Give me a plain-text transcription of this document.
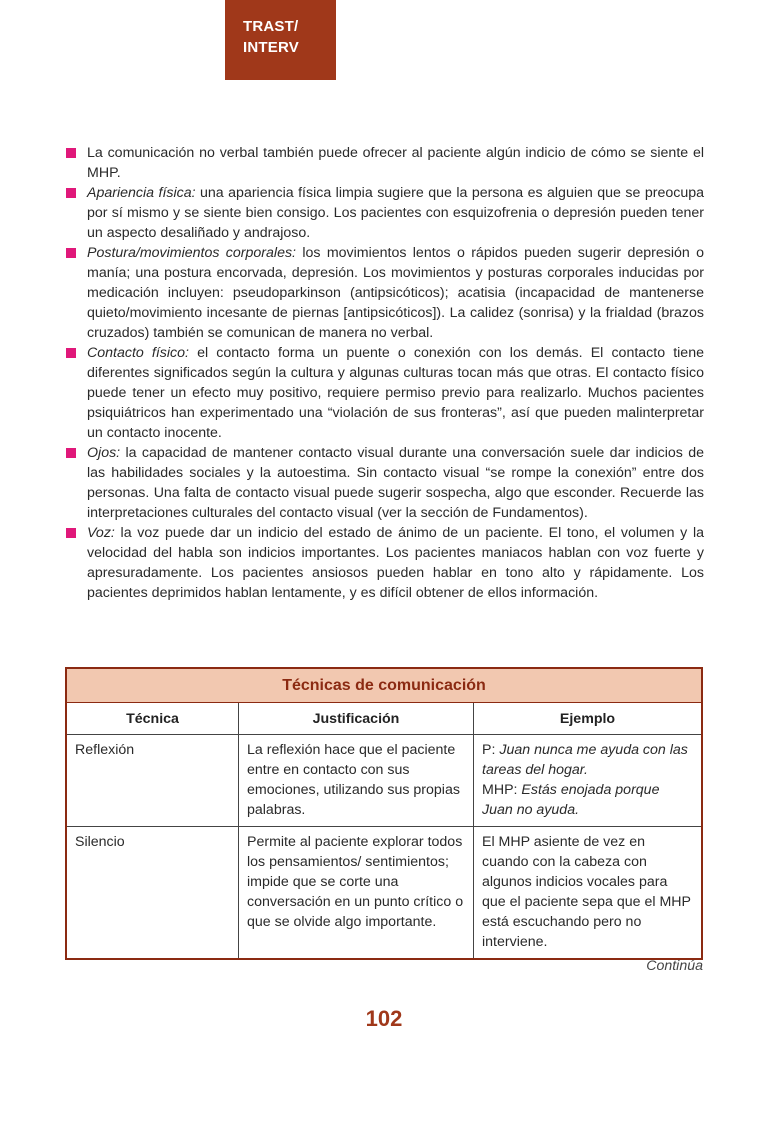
TRAST/
INTERV
La comunicación no verbal también puede ofrecer al paciente algún indicio de cómo se siente el MHP.
Apariencia física: una apariencia física limpia sugiere que la persona es alguien que se preocupa por sí mismo y se siente bien consigo. Los pacientes con esquizofrenia o depresión pueden tener un aspecto desaliñado y andrajoso.
Postura/movimientos corporales: los movimientos lentos o rápidos pueden sugerir depresión o manía; una postura encorvada, depresión. Los movimientos y posturas corporales inducidas por medicación incluyen: pseudoparkinson (antipsicóticos); acatisia (incapacidad de mantenerse quieto/movimiento incesante de piernas [antipsicóticos]). La calidez (sonrisa) y la frialdad (brazos cruzados) también se comunican de manera no verbal.
Contacto físico: el contacto forma un puente o conexión con los demás. El contacto tiene diferentes significados según la cultura y algunas culturas tocan más que otras. El contacto físico puede tener un efecto muy positivo, requiere permiso previo para realizarlo. Muchos pacientes psiquiátricos han experimentado una “violación de sus fronteras”, así que pueden malinterpretar un contacto inocente.
Ojos: la capacidad de mantener contacto visual durante una conversación suele dar indicios de las habilidades sociales y la autoestima. Sin contacto visual “se rompe la conexión” entre dos personas. Una falta de contacto visual puede sugerir sospecha, algo que esconder. Recuerde las interpretaciones culturales del contacto visual (ver la sección de Fundamentos).
Voz: la voz puede dar un indicio del estado de ánimo de un paciente. El tono, el volumen y la velocidad del habla son indicios importantes. Los pacientes maniacos hablan con voz fuerte y apresuradamente. Los pacientes ansiosos pueden hablar en tono alto y rápidamente. Los pacientes deprimidos hablan lentamente, y es difícil obtener de ellos información.
Técnicas de comunicación		
Técnica	Justificación	Ejemplo
Reflexión	La reflexión hace que el paciente entre en contacto con sus emociones, utilizando sus propias palabras.	P: Juan nunca me ayuda con las tareas del hogar.
MHP: Estás enojada porque Juan no ayuda.
Silencio	Permite al paciente explorar todos los pensamientos/ sentimientos; impide que se corte una conversación en un punto crítico o que se olvide algo importante.	El MHP asiente de vez en cuando con la cabeza con algunos indicios vocales para que el paciente sepa que el MHP está escuchando pero no interviene.
Continúa
102
